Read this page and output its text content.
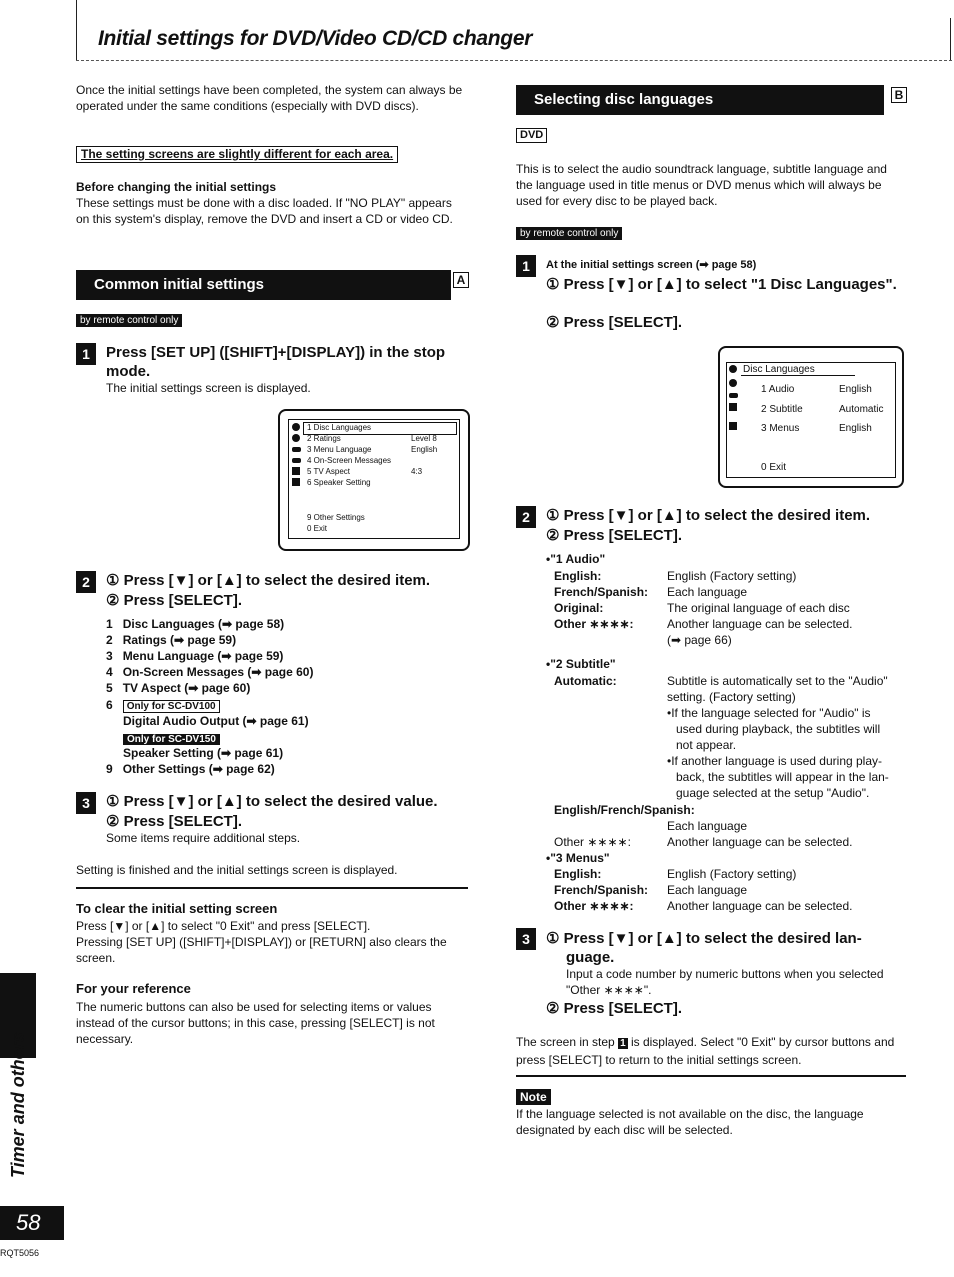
Initial settings for DVD/Video CD/CD changer

Once the initial settings have been completed, the system can always be operated under the same conditions (especially with DVD discs).

The setting screens are slightly different for each area.

Before changing the initial settings

These settings must be done with a disc loaded. If "NO PLAY" appears on this system's display, remove the DVD and insert a CD or video CD.

Common initial settings	A
by remote control only
1	Press [SET UP] ([SHIFT]+[DISPLAY]) in the stop mode.

The initial settings screen is displayed.

1 Disc Languages
2 Ratings	Level 8
3 Menu Language	English
4 On-Screen Messages
5 TV Aspect	4:3
6 Speaker Setting
9 Other Settings
0 Exit
2	① Press [▼] or [▲] to select the desired item.
② Press [SELECT].
1 Disc Languages (➡ page 58)
2 Ratings (➡ page 59)
3 Menu Language (➡ page 59)
4 On-Screen Messages (➡ page 60)
5 TV Aspect (➡ page 60)
6 Only for SC-DV100
Digital Audio Output (➡ page 61)
Only for SC-DV150
Speaker Setting (➡ page 61)
9 Other Settings (➡ page 62)
3	① Press [▼] or [▲] to select the desired value.
② Press [SELECT].

Some items require additional steps.

Setting is finished and the initial settings screen is displayed.

To clear the initial setting screen

Press [▼] or [▲] to select "0 Exit" and press [SELECT].

Pressing [SET UP] ([SHIFT]+[DISPLAY]) or [RETURN] also clears the screen.

For your reference

The numeric buttons can also be used for selecting items or values instead of the cursor buttons; in this case, pressing [SELECT] is not necessary.

Selecting disc languages	B
DVD

This is to select the audio soundtrack language, subtitle language and the language used in title menus or DVD menus which will always be used for every disc to be played back.

by remote control only
1	At the initial settings screen (➡ page 58)

① Press [▼] or [▲] to select "1 Disc Languages".
② Press [SELECT].
Disc Languages
1 Audio	English
2 Subtitle	Automatic
3 Menus	English
0 Exit
2	① Press [▼] or [▲] to select the desired item.
② Press [SELECT].

•"1 Audio"

English:	English (Factory setting)
French/Spanish: Each language
Original:	The original language of each disc
Other ∗∗∗∗:	Another language can be selected.
(➡ page 66)

•"2 Subtitle"

Automatic:	Subtitle is automatically set to the "Audio"
setting. (Factory setting)
•If the language selected for "Audio" is
used during playback, the subtitles will
not appear.
•If another language is used during play-
back, the subtitles will appear in the lan-
guage selected at the setup "Audio".
English/French/Spanish:
Each language
Other ∗∗∗∗:	Another language can be selected.

•"3 Menus"

English:	English (Factory setting)
French/Spanish: Each language
Other ∗∗∗∗:	Another language can be selected.
3	① Press [▼] or [▲] to select the desired lan-
guage.

Input a code number by numeric buttons when you selected "Other ∗∗∗∗".

② Press [SELECT].

The screen in step 1 is displayed. Select "0 Exit" by cursor buttons and press [SELECT] to return to the initial settings screen.

Note

If the language selected is not available on the disc, the language designated by each disc will be selected.

Timer and others
58
RQT5056
